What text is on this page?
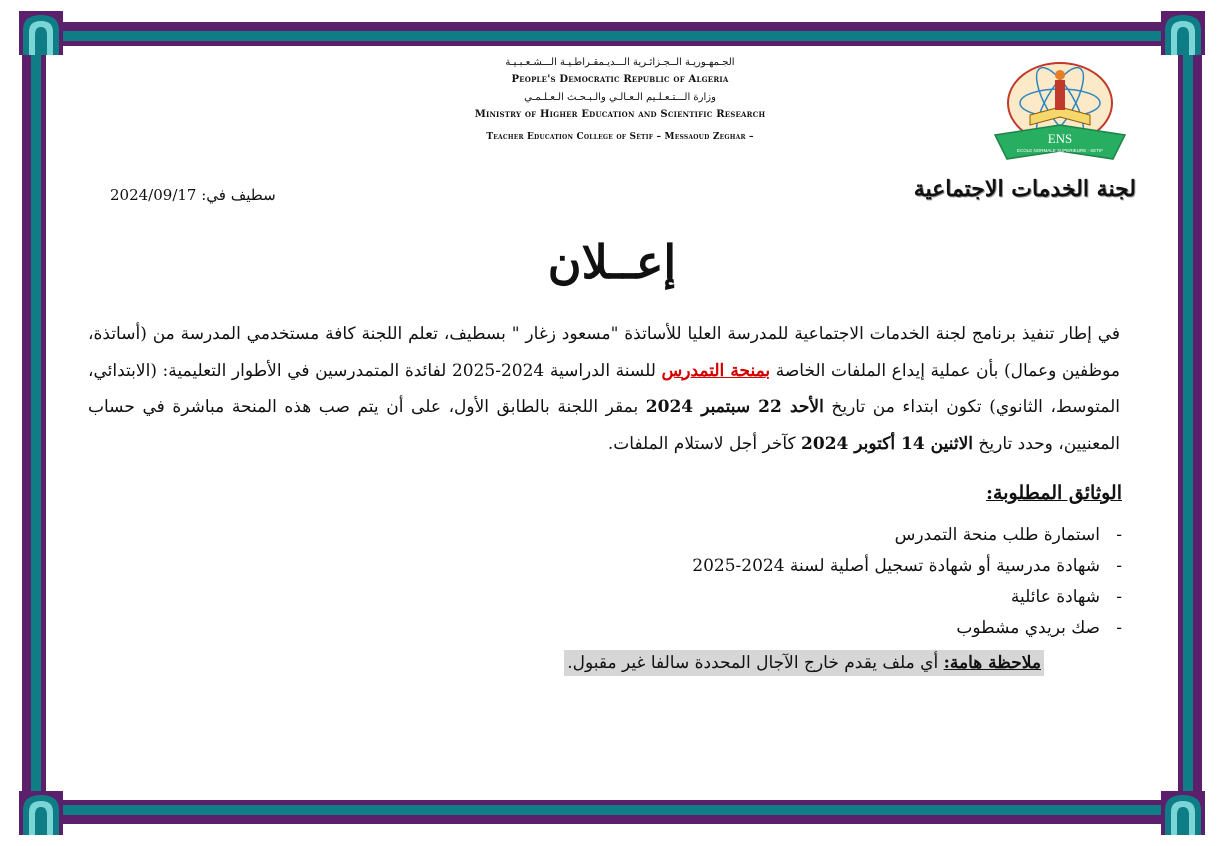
الجـمهـوريـة الــجـزائـرية الـــديـمقـراطـيـة الـــشـعـبـيـة
People's Democratic Republic of Algeria
وزارة الـــتـعـلـيم الـعـالـي والـبـحـث الـعـلـمـي
Ministry of Higher Education and Scientific Research
Teacher Education College of Sétif – Messaoud Zeghar –	ENS
ECOLE NORMALE SUPERIEURE - SETIF
لجنة الخدمات الاجتماعية
سطيف في: 2024/09/17
إعــلان
في إطار تنفيذ برنامج لجنة الخدمات الاجتماعية للمدرسة العليا للأساتذة "مسعود زغار " بسطيف، تعلم اللجنة كافة مستخدمي المدرسة من (أساتذة، موظفين وعمال) بأن عملية إيداع الملفات الخاصة بمنحة التمدرس للسنة الدراسية 2024-2025 لفائدة المتمدرسين في الأطوار التعليمية: (الابتدائي، المتوسط، الثانوي) تكون ابتداء من تاريخ الأحد 22 سبتمبر 2024 بمقر اللجنة بالطابق الأول، على أن يتم صب هذه المنحة مباشرة في حساب المعنيين، وحدد تاريخ الاثنين 14 أكتوبر 2024 كآخر أجل لاستلام الملفات.
الوثائق المطلوبة:
-استمارة طلب منحة التمدرس
-شهادة مدرسية أو شهادة تسجيل أصلية لسنة 2024-2025
-شهادة عائلية
-صك بريدي مشطوب
ملاحظة هامة: أي ملف يقدم خارج الآجال المحددة سالفا غير مقبول.
